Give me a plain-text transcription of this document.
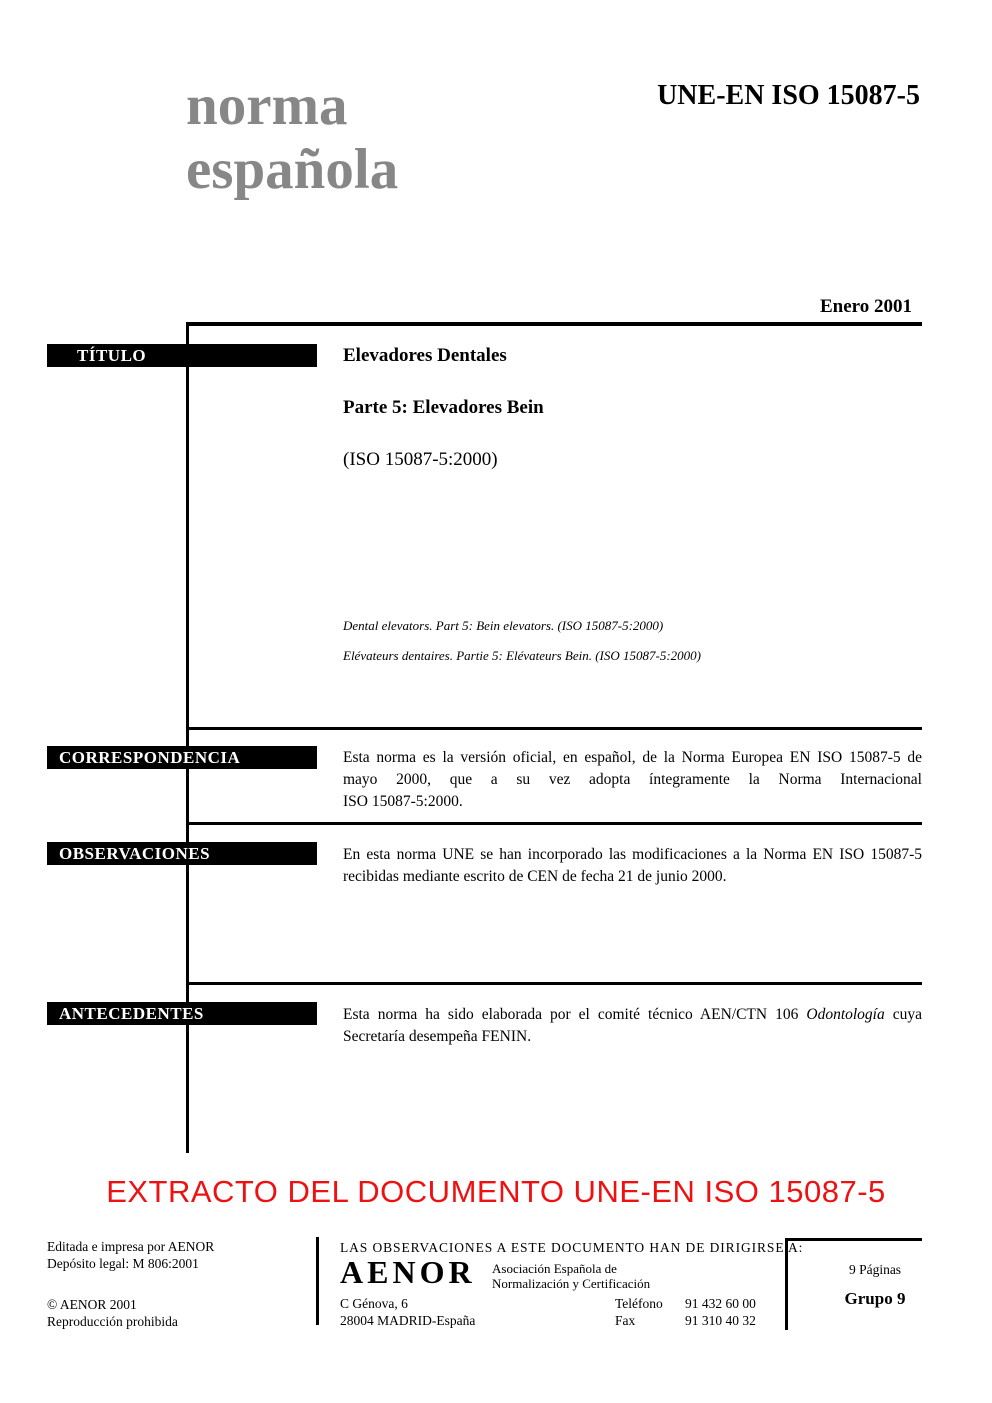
norma
española
UNE-EN ISO 15087-5
Enero 2001
TÍTULO
CORRESPONDENCIA
OBSERVACIONES
ANTECEDENTES
Elevadores Dentales
Parte 5: Elevadores Bein
(ISO 15087-5:2000)
Dental elevators. Part 5: Bein elevators. (ISO 15087-5:2000)
Elévateurs dentaires. Partie 5: Elévateurs Bein. (ISO 15087-5:2000)
Esta norma es la versión oficial, en español, de la Norma Europea EN ISO 15087-5 de
mayo 2000, que a su vez adopta íntegramente la Norma Internacional
ISO 15087-5:2000.
En esta norma UNE se han incorporado las modificaciones a la Norma EN ISO 15087-5
recibidas mediante escrito de CEN de fecha 21 de junio 2000.
Esta norma ha sido elaborada por el comité técnico AEN/CTN 106 Odontología cuya
Secretaría desempeña FENIN.
EXTRACTO DEL DOCUMENTO UNE-EN ISO 15087-5
Editada e impresa por AENOR
Depósito legal: M 806:2001
© AENOR 2001
Reproducción prohibida
LAS OBSERVACIONES A ESTE DOCUMENTO HAN DE DIRIGIRSE A:
AENOR Asociación Española de
Normalización y Certificación
C Génova, 6
28004 MADRID-España
Teléfono 91 432 60 00
Fax	91 310 40 32
9 Páginas
Grupo 9
